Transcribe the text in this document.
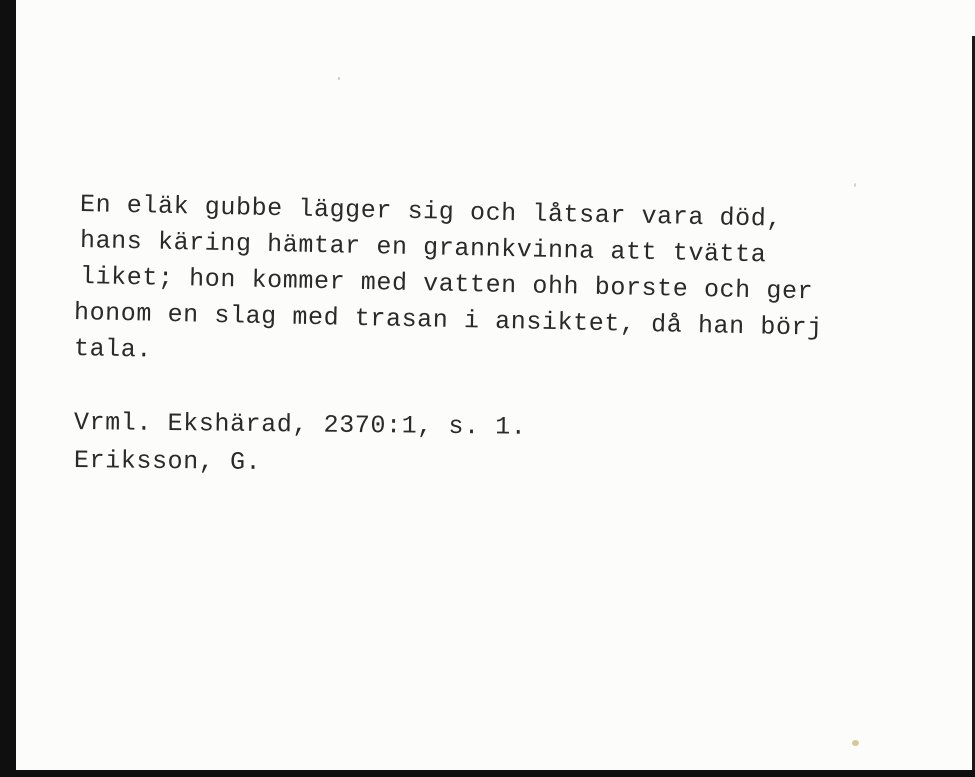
En eläk gubbe lägger sig och låtsar vara död,
hans käring hämtar en grannkvinna att tvätta
liket; hon kommer med vatten ohh borste och ger
honom en slag med trasan i ansiktet, då han börj
tala.
Vrml. Ekshärad, 2370:1, s. 1.
Eriksson, G.
